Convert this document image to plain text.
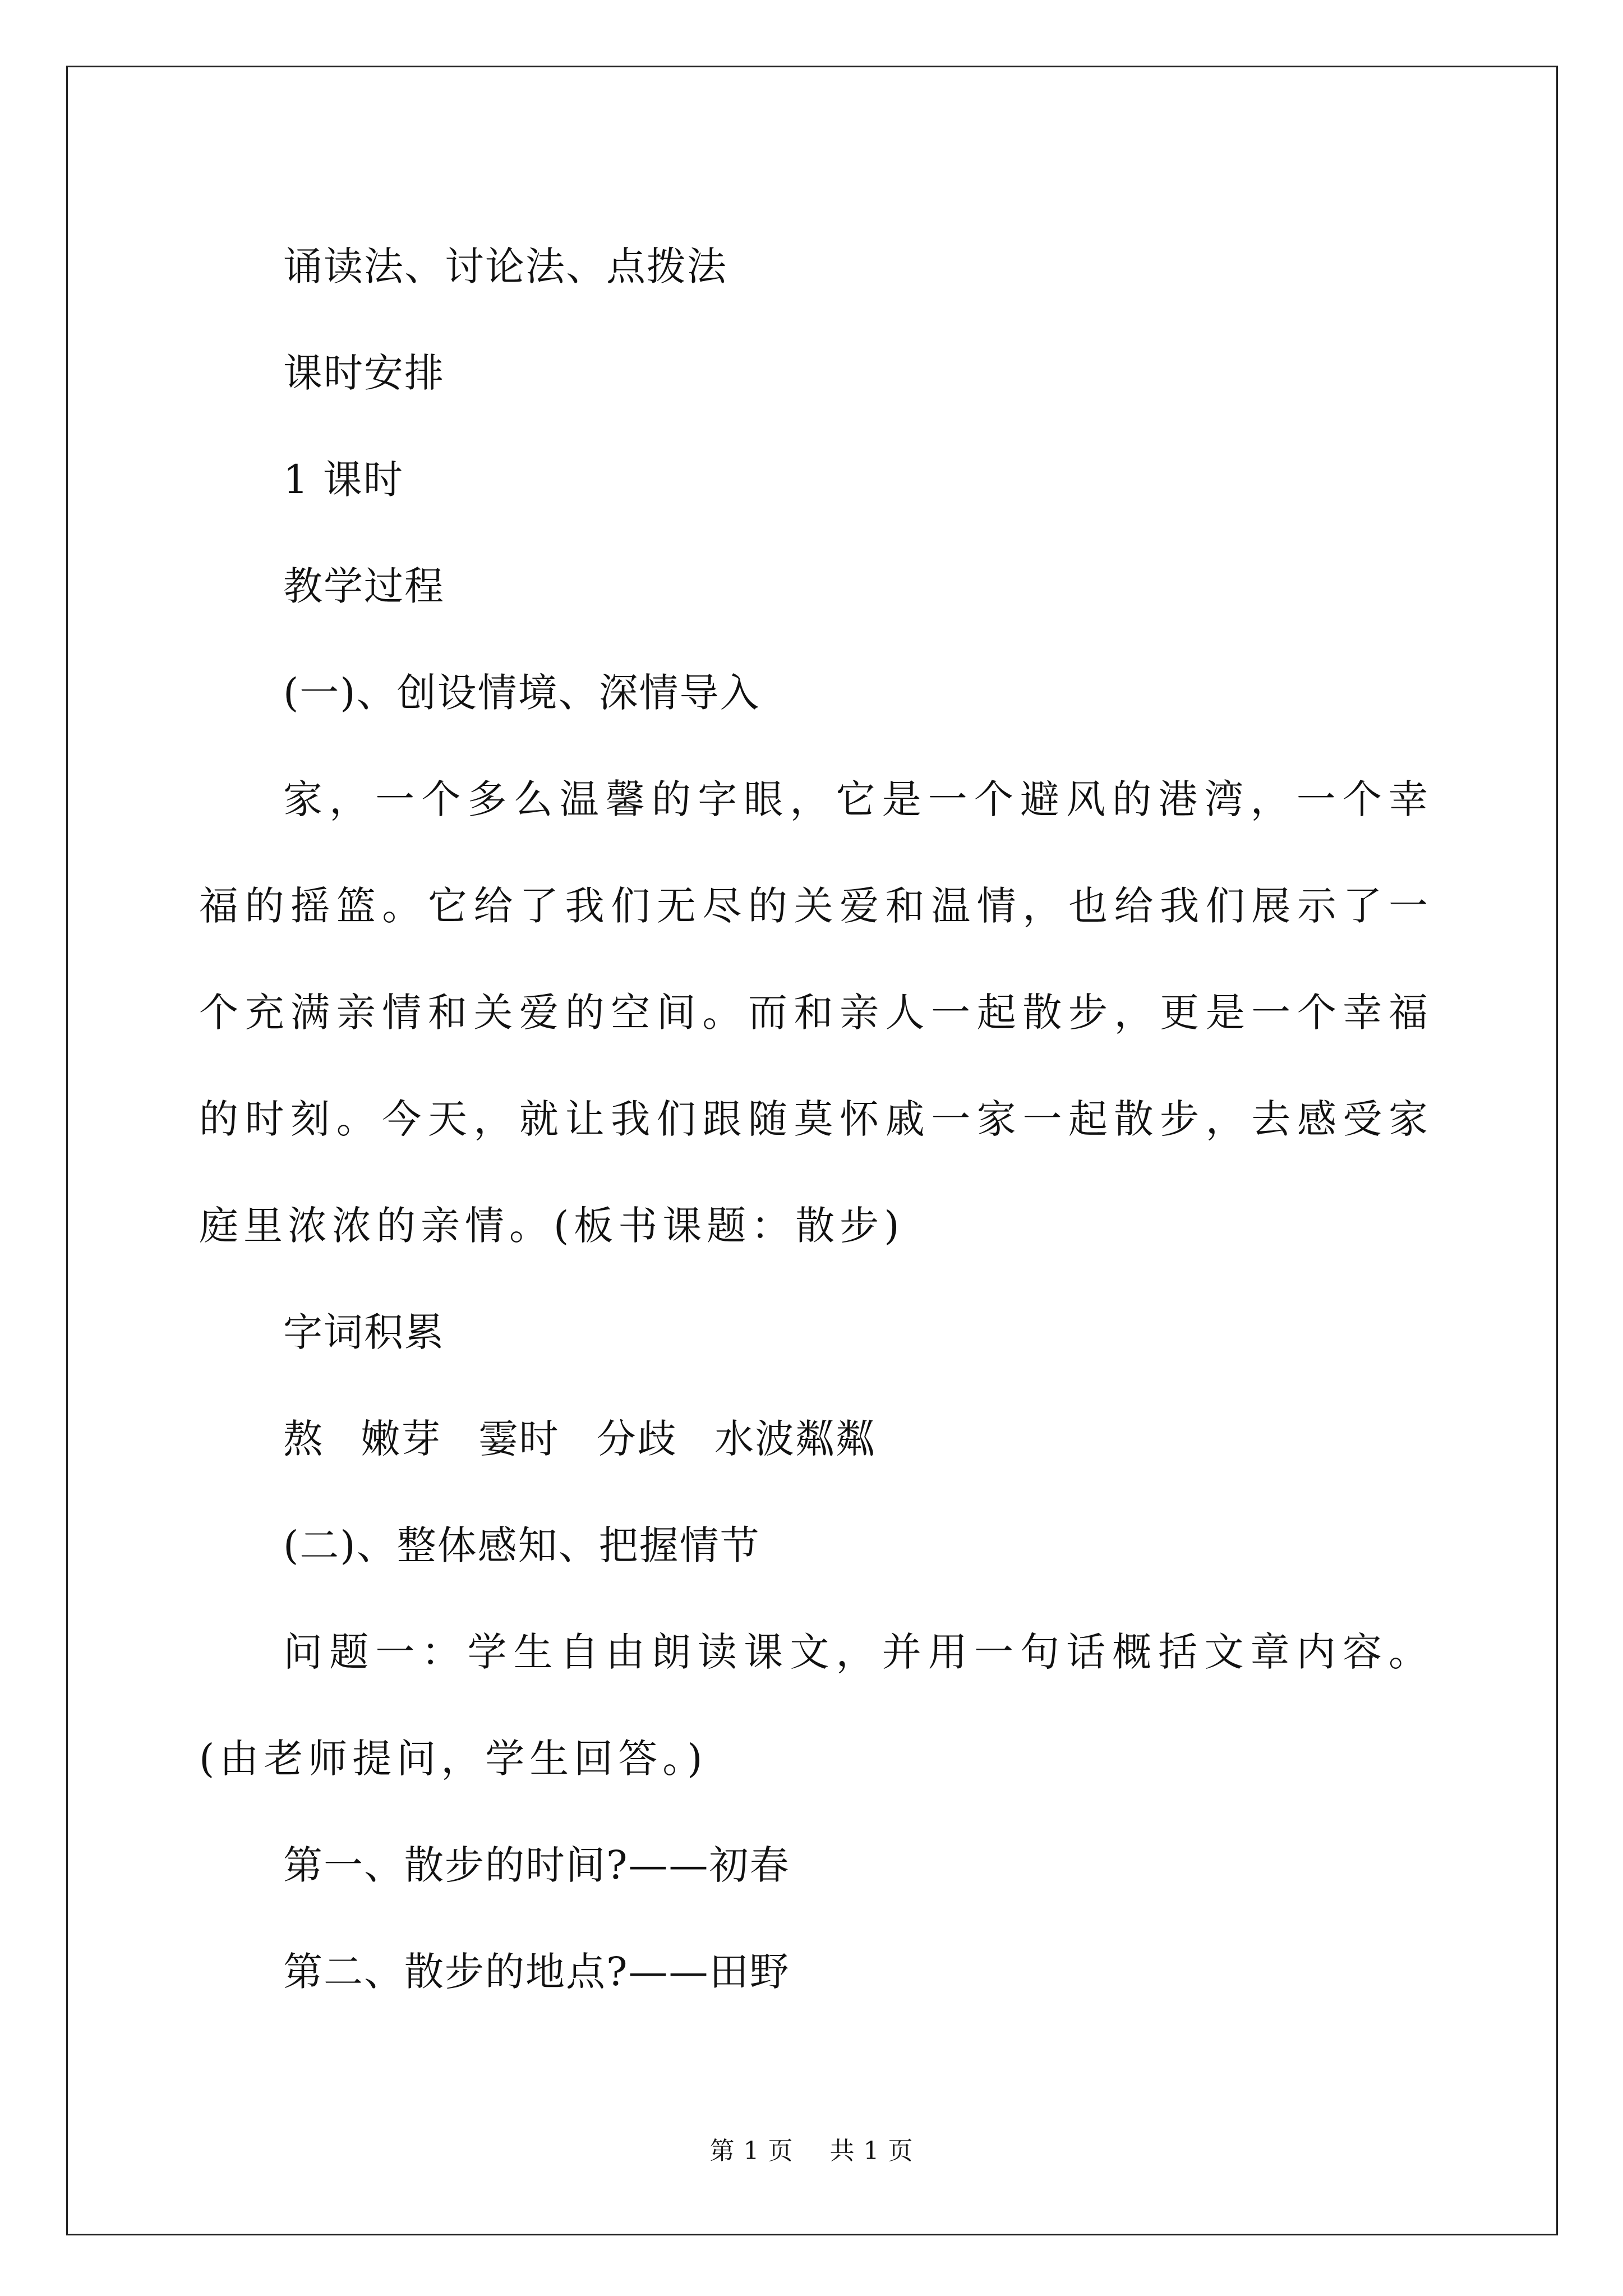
诵读法、讨论法、点拨法

课时安排

1 课时

教学过程

(一)、创设情境、深情导入

家，一个多么温馨的字眼，它是一个避风的港湾，一个幸福的摇篮。它给了我们无尽的关爱和温情，也给我们展示了一个充满亲情和关爱的空间。而和亲人一起散步，更是一个幸福的时刻。今天，就让我们跟随莫怀戚一家一起散步，去感受家庭里浓浓的亲情。(板书课题：散步)

字词积累

熬 嫩芽 霎时 分歧 水波粼粼

(二)、整体感知、把握情节

问题一：学生自由朗读课文，并用一句话概括文章内容。(由老师提问，学生回答。)

第一、散步的时间?——初春

第二、散步的地点?——田野

第 1 页 共 1 页
